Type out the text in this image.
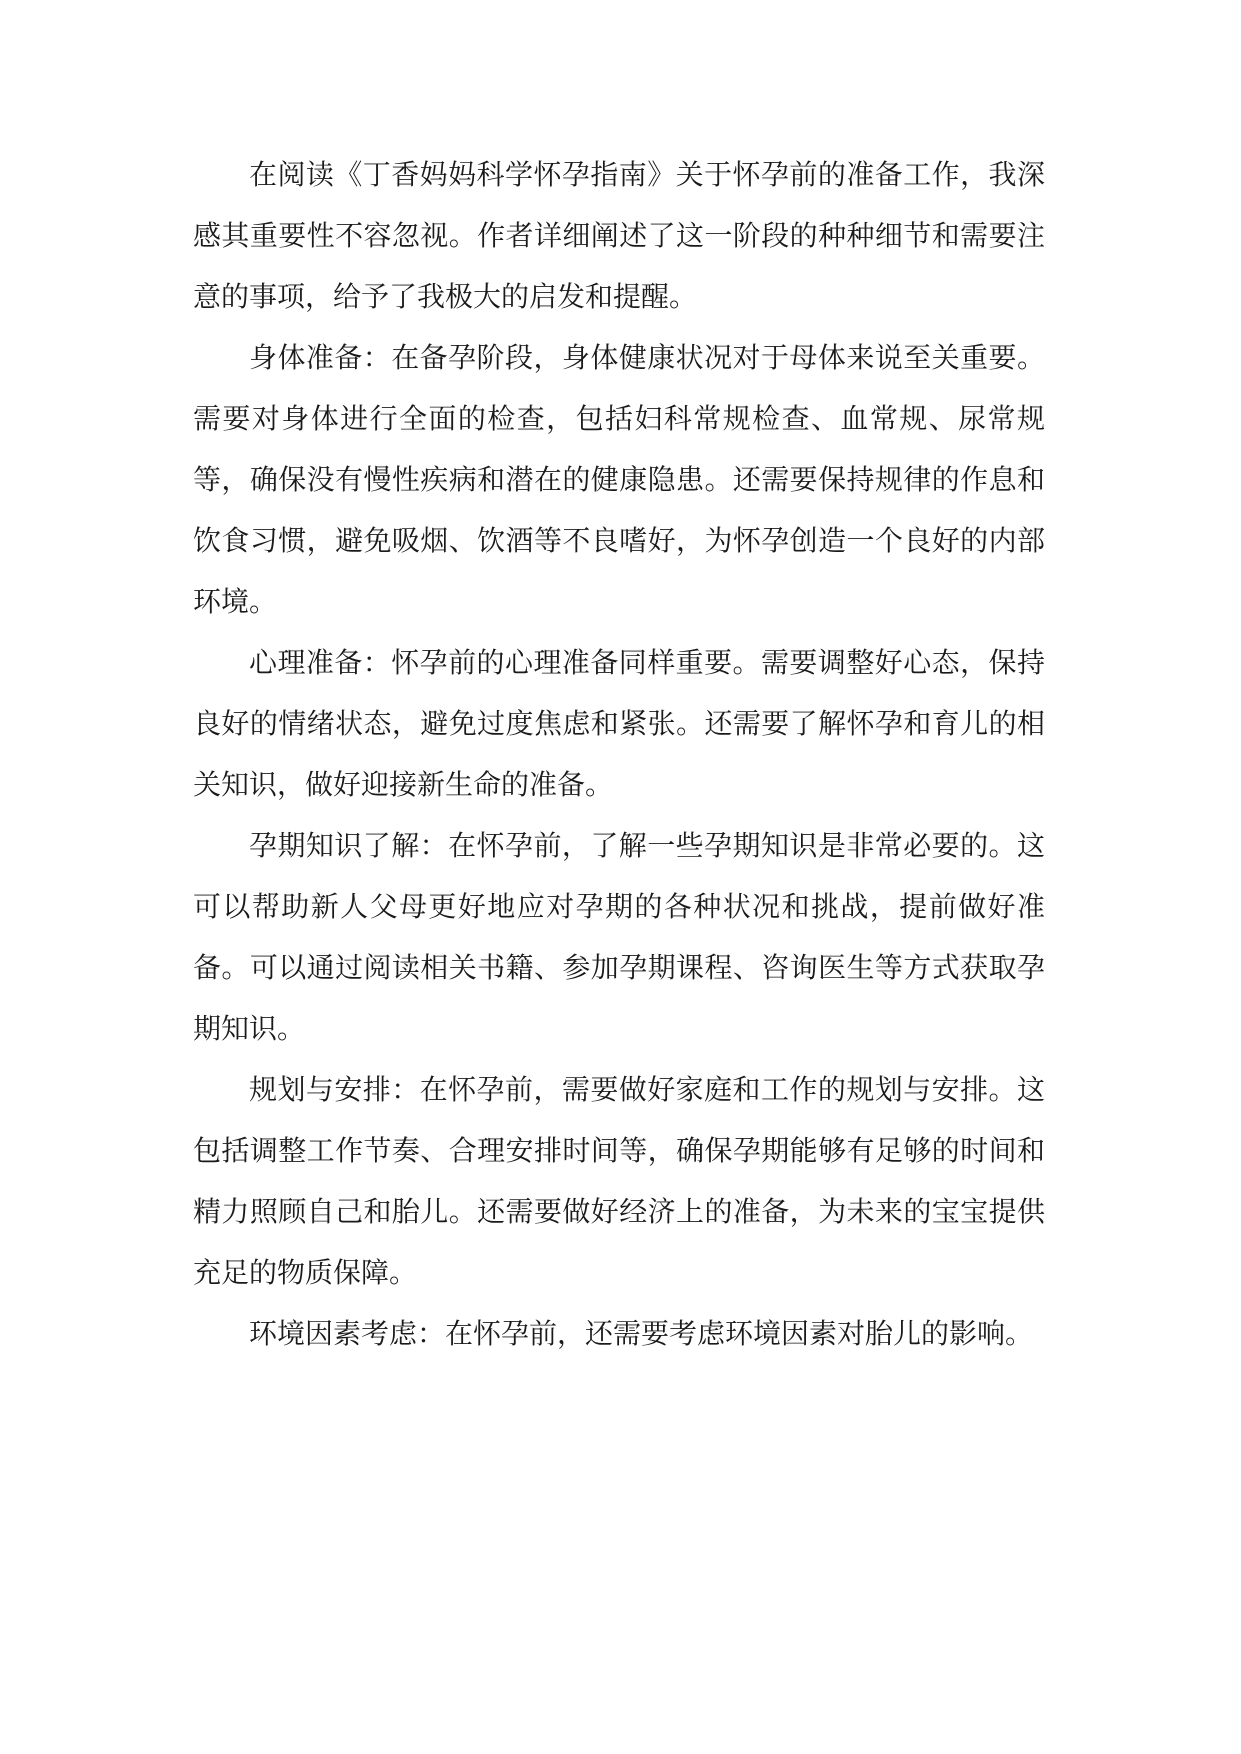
在阅读《丁香妈妈科学怀孕指南》关于怀孕前的准备工作，我深感其重要性不容忽视。作者详细阐述了这一阶段的种种细节和需要注意的事项，给予了我极大的启发和提醒。

身体准备：在备孕阶段，身体健康状况对于母体来说至关重要。需要对身体进行全面的检查，包括妇科常规检查、血常规、尿常规等，确保没有慢性疾病和潜在的健康隐患。还需要保持规律的作息和饮食习惯，避免吸烟、饮酒等不良嗜好，为怀孕创造一个良好的内部环境。

心理准备：怀孕前的心理准备同样重要。需要调整好心态，保持良好的情绪状态，避免过度焦虑和紧张。还需要了解怀孕和育儿的相关知识，做好迎接新生命的准备。

孕期知识了解：在怀孕前，了解一些孕期知识是非常必要的。这可以帮助新人父母更好地应对孕期的各种状况和挑战，提前做好准备。可以通过阅读相关书籍、参加孕期课程、咨询医生等方式获取孕期知识。

规划与安排：在怀孕前，需要做好家庭和工作的规划与安排。这包括调整工作节奏、合理安排时间等，确保孕期能够有足够的时间和精力照顾自己和胎儿。还需要做好经济上的准备，为未来的宝宝提供充足的物质保障。

环境因素考虑：在怀孕前，还需要考虑环境因素对胎儿的影响。
